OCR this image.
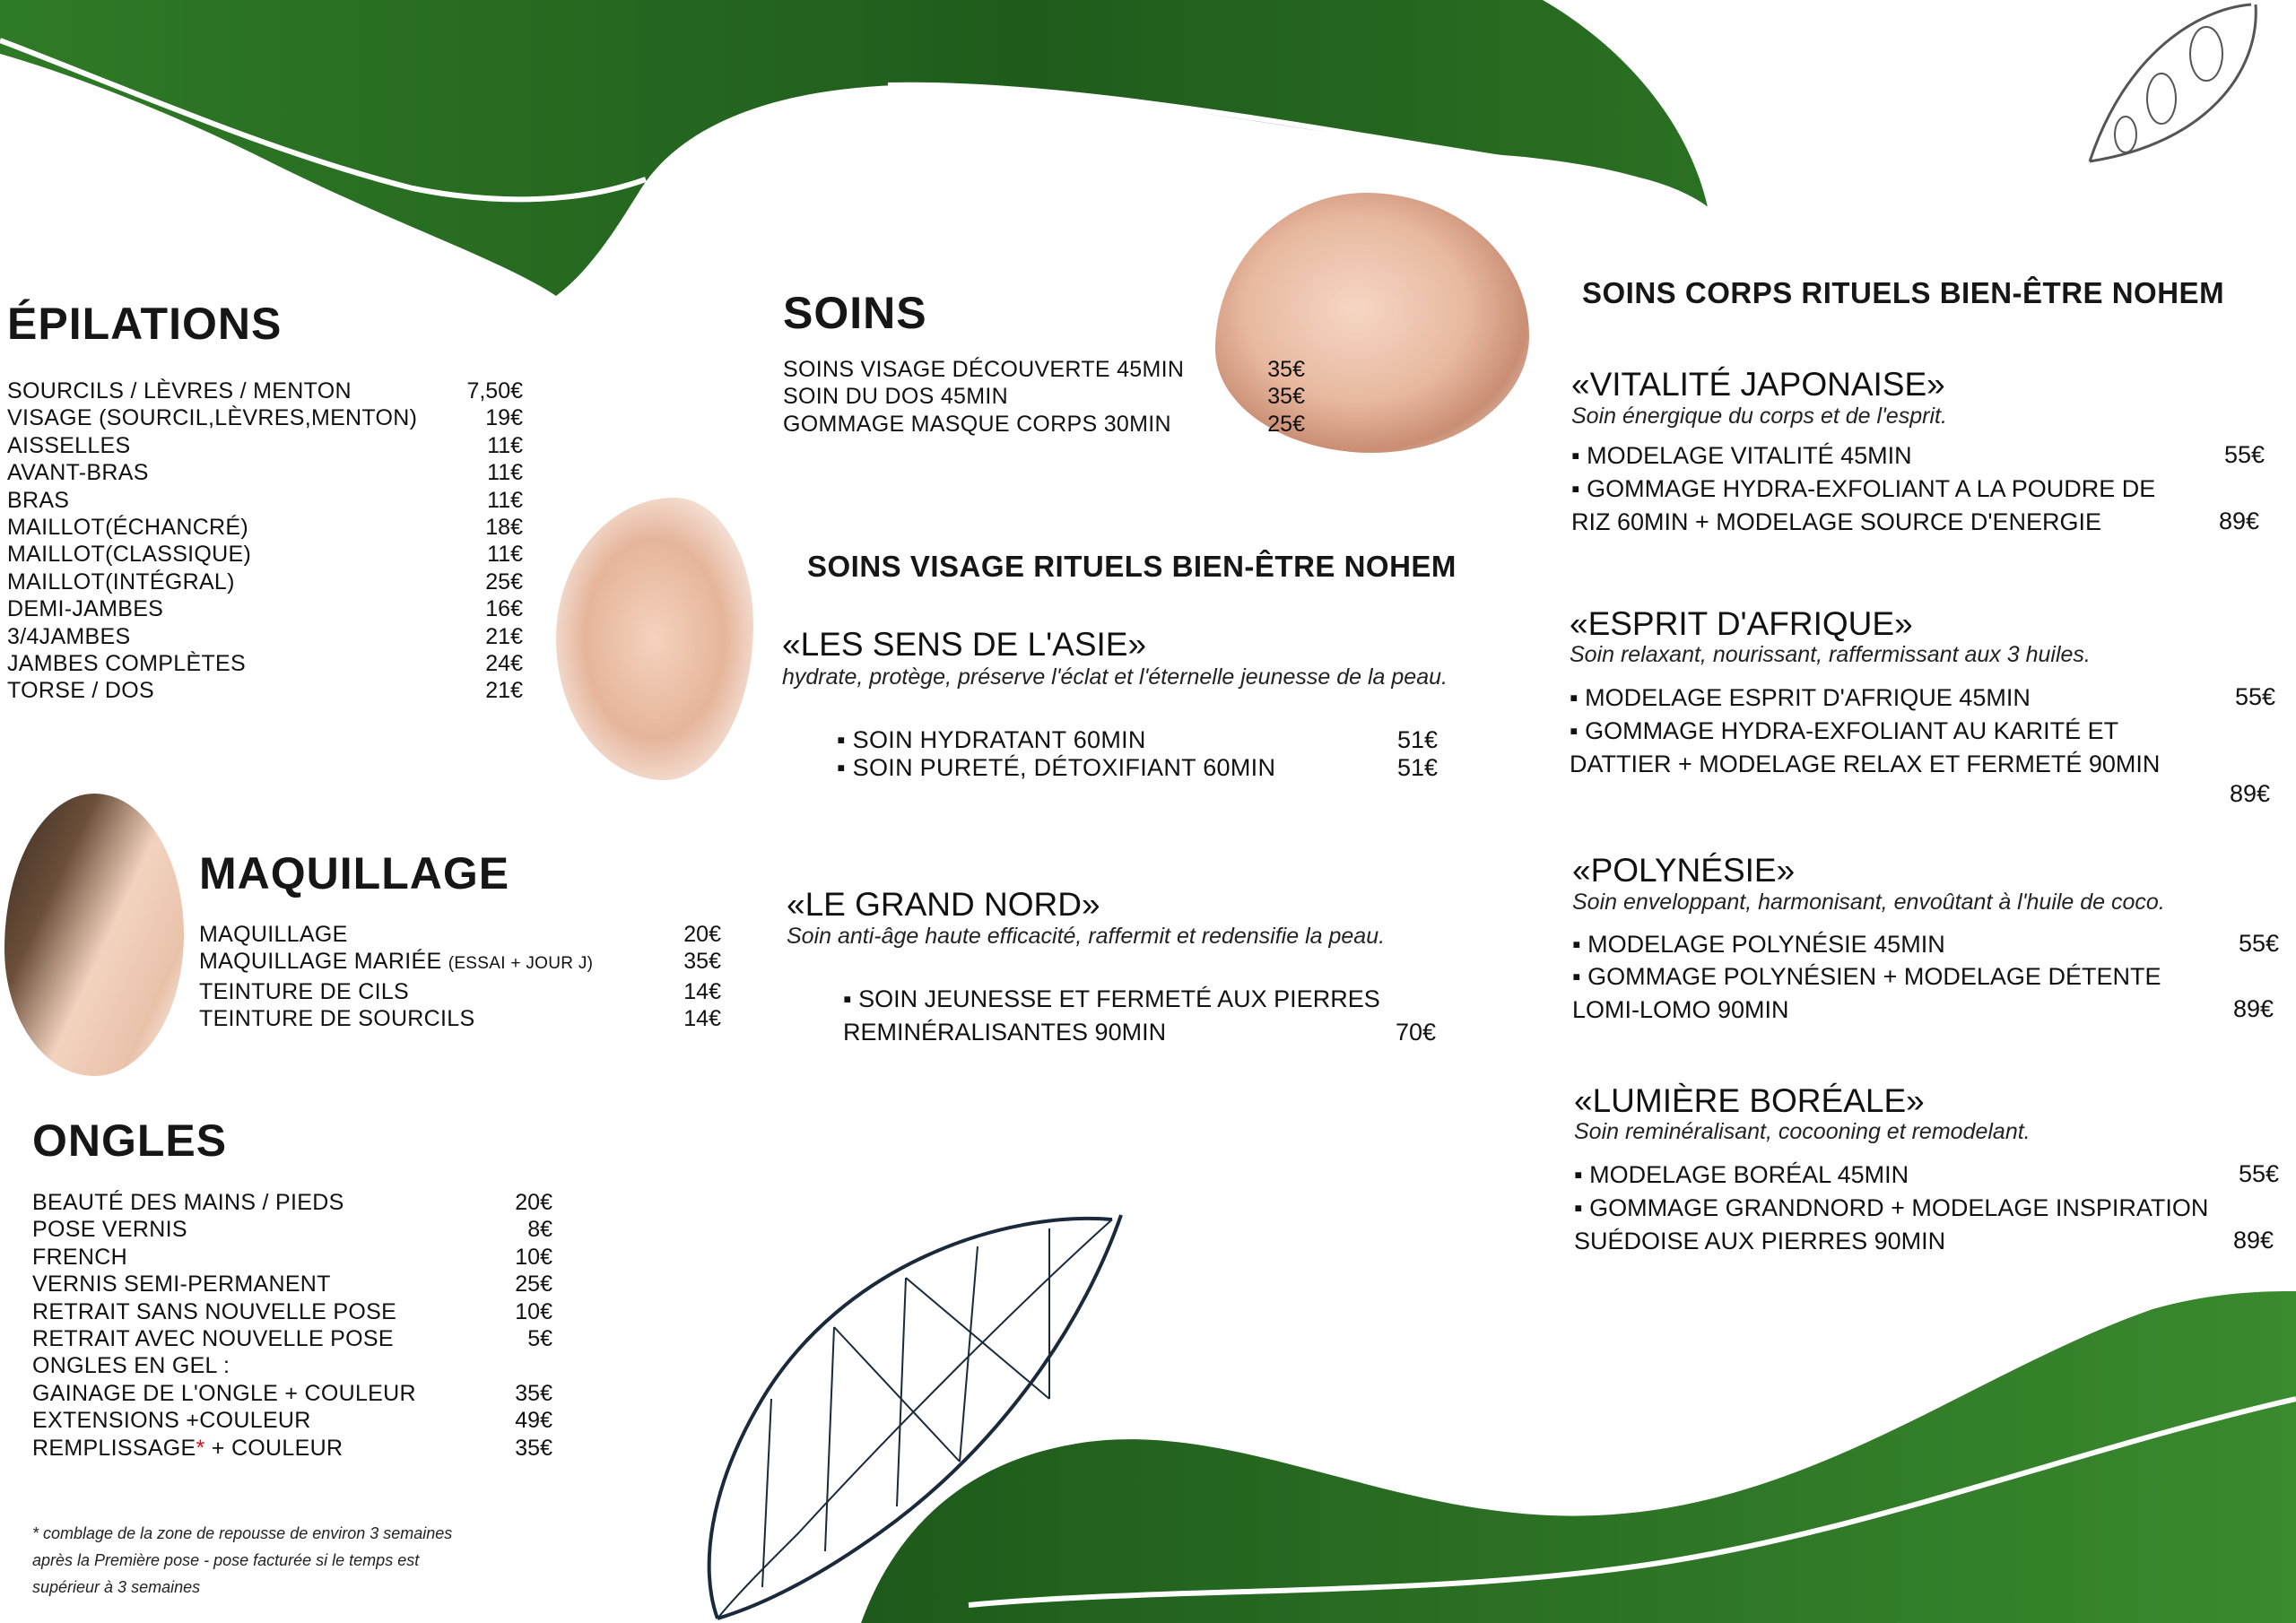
ÉPILATIONS
SOURCILS / LÈVRES / MENTON	7,50€
VISAGE (SOURCIL,LÈVRES,MENTON)	19€
AISSELLES	11€
AVANT-BRAS	11€
BRAS	11€
MAILLOT(ÉCHANCRÉ)	18€
MAILLOT(CLASSIQUE)	11€
MAILLOT(INTÉGRAL)	25€
DEMI-JAMBES	16€
3/4JAMBES	21€
JAMBES COMPLÈTES	24€
TORSE / DOS	21€
MAQUILLAGE
MAQUILLAGE	20€
MAQUILLAGE MARIÉE (ESSAI + JOUR J)	35€
TEINTURE DE CILS	14€
TEINTURE DE SOURCILS	14€
ONGLES
BEAUTÉ DES MAINS / PIEDS	20€
POSE VERNIS	8€
FRENCH	10€
VERNIS SEMI-PERMANENT	25€
RETRAIT SANS NOUVELLE POSE	10€
RETRAIT AVEC NOUVELLE POSE	5€
ONGLES EN GEL :
GAINAGE DE L'ONGLE + COULEUR	35€
EXTENSIONS +COULEUR	49€
REMPLISSAGE* + COULEUR	35€
* comblage de la zone de repousse de environ 3 semaines
après la Première pose - pose facturée si le temps est
supérieur à 3 semaines
SOINS
SOINS VISAGE DÉCOUVERTE 45MIN	35€
SOIN DU DOS 45MIN	35€
GOMMAGE MASQUE CORPS 30MIN	25€
SOINS VISAGE RITUELS BIEN-ÊTRE NOHEM
«LES SENS DE L'ASIE»
hydrate, protège, préserve l'éclat et l'éternelle jeunesse de la peau.
▪ SOIN HYDRATANT 60MIN	51€
▪ SOIN PURETÉ, DÉTOXIFIANT 60MIN	51€
«LE GRAND NORD»
Soin anti-âge haute efficacité, raffermit et redensifie la peau.
▪ SOIN JEUNESSE ET FERMETÉ AUX PIERRES
REMINÉRALISANTES 90MIN	70€
SOINS CORPS RITUELS BIEN-ÊTRE NOHEM
«VITALITÉ JAPONAISE»
Soin énergique du corps et de l'esprit.
▪ MODELAGE VITALITÉ 45MIN	55€
▪ GOMMAGE HYDRA-EXFOLIANT A LA POUDRE DE
RIZ 60MIN + MODELAGE SOURCE D'ENERGIE	89€
«ESPRIT D'AFRIQUE»
Soin relaxant, nourissant, raffermissant aux 3 huiles.
▪ MODELAGE ESPRIT D'AFRIQUE 45MIN	55€
▪ GOMMAGE HYDRA-EXFOLIANT AU KARITÉ ET
DATTIER + MODELAGE RELAX ET FERMETÉ 90MIN
89€
«POLYNÉSIE»
Soin enveloppant, harmonisant, envoûtant à l'huile de coco.
▪ MODELAGE POLYNÉSIE 45MIN	55€
▪ GOMMAGE POLYNÉSIEN + MODELAGE DÉTENTE
LOMI-LOMO 90MIN	89€
«LUMIÈRE BORÉALE»
Soin reminéralisant, cocooning et remodelant.
▪ MODELAGE BORÉAL 45MIN	55€
▪ GOMMAGE GRANDNORD + MODELAGE INSPIRATION
SUÉDOISE AUX PIERRES 90MIN	89€
